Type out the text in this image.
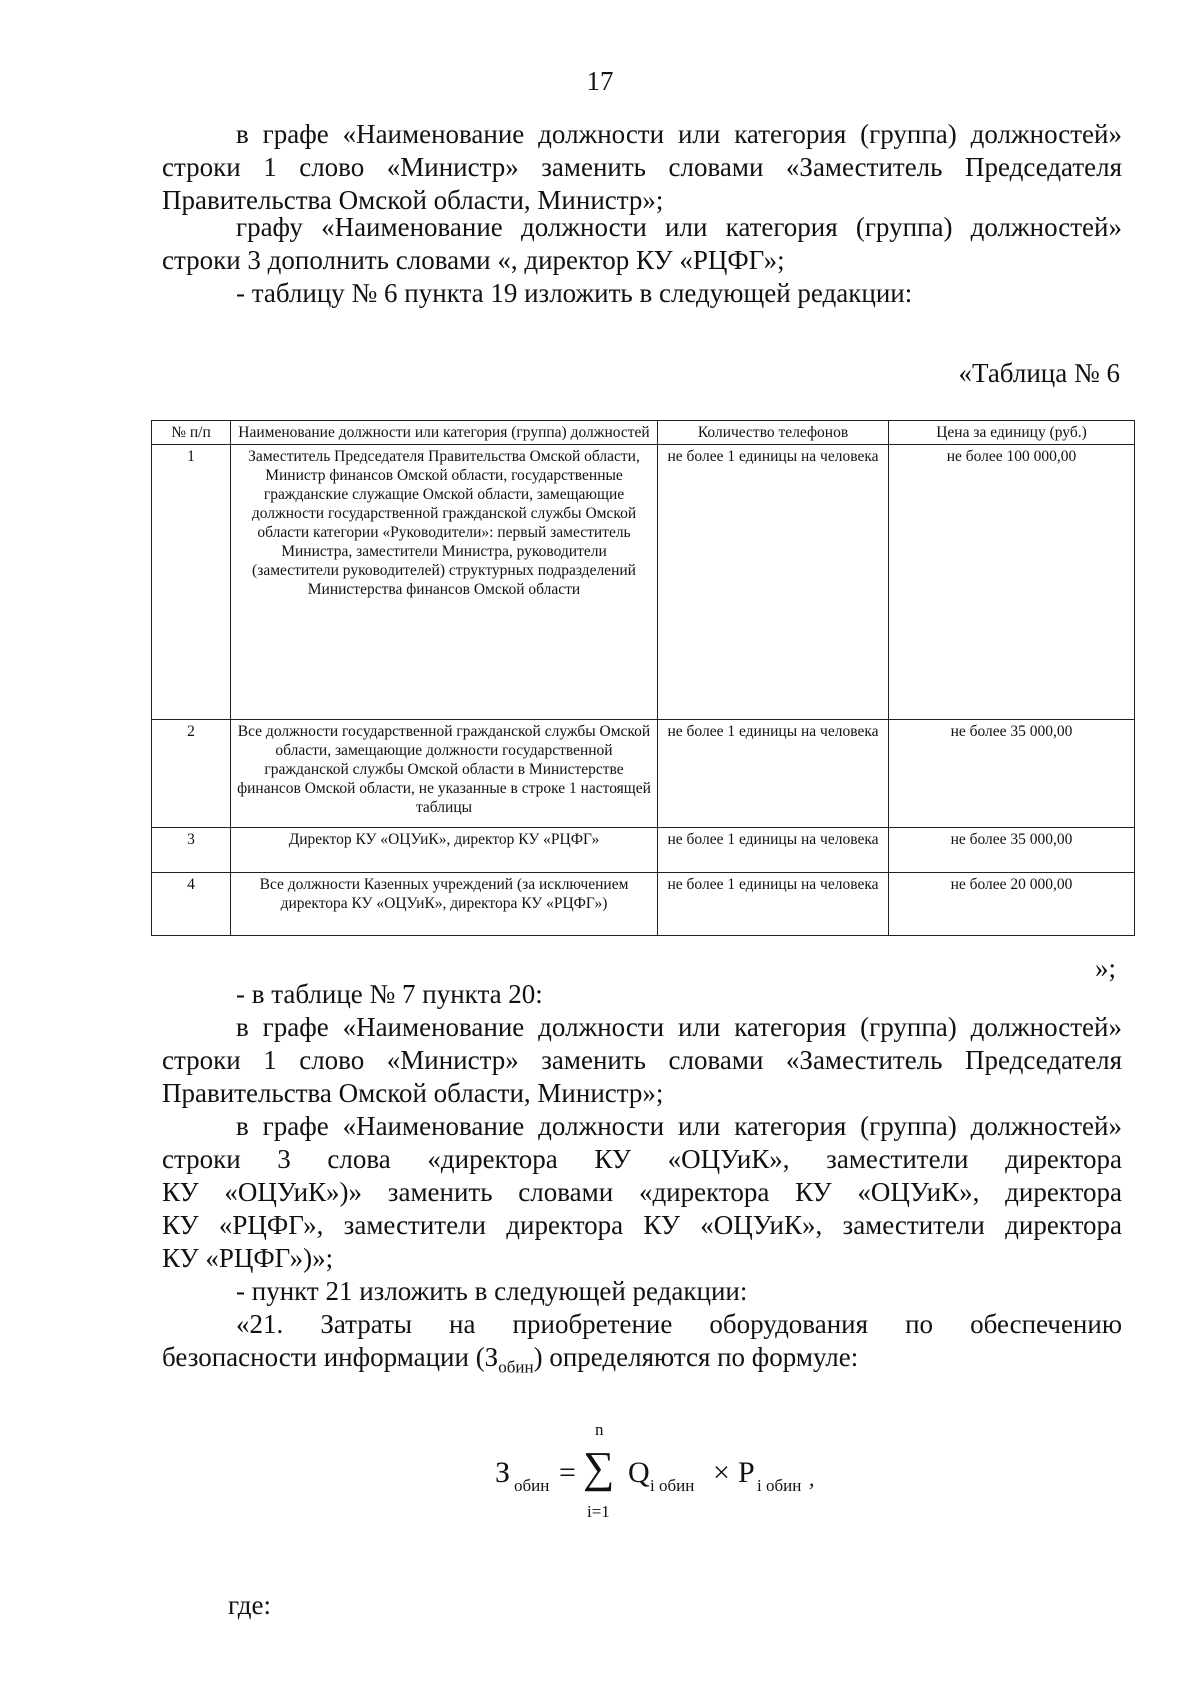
17

в графе «Наименование должности или категория (группа) должностей»
строки 1 слово «Министр» заменить словами «Заместитель Председателя
Правительства Омской области, Министр»;

графу «Наименование должности или категория (группа) должностей»
строки 3 дополнить словами «, директор КУ «РЦФГ»;

- таблицу № 6 пункта 19 изложить в следующей редакции:

«Таблица № 6
№ п/п	Наименование должности или категория (группа) должностей	Количество телефонов	Цена за единицу (руб.)
1	Заместитель Председателя Правительства Омской области, Министр финансов Омской области, государственные гражданские служащие Омской области, замещающие должности государственной гражданской службы Омской области категории «Руководители»: первый заместитель Министра, заместители Министра, руководители (заместители руководителей) структурных подразделений Министерства финансов Омской области	не более 1 единицы на человека	не более 100 000,00
2	Все должности государственной гражданской службы Омской области, замещающие должности государственной гражданской службы Омской области в Министерстве финансов Омской области, не указанные в строке 1 настоящей таблицы	не более 1 единицы на человека	не более 35 000,00
3	Директор КУ «ОЦУиК», директор КУ «РЦФГ»	не более 1 единицы на человека	не более 35 000,00
4	Все должности Казенных учреждений (за исключением директора КУ «ОЦУиК», директора КУ «РЦФГ»)	не более 1 единицы на человека	не более 20 000,00
»;

- в таблице № 7 пункта 20:

в графе «Наименование должности или категория (группа) должностей»
строки 1 слово «Министр» заменить словами «Заместитель Председателя
Правительства Омской области, Министр»;

в графе «Наименование должности или категория (группа) должностей»
строки 3 слова «директора КУ «ОЦУиК», заместители директора
КУ «ОЦУиК»)» заменить словами «директора КУ «ОЦУиК», директора
КУ «РЦФГ», заместители директора КУ «ОЦУиК», заместители директора
КУ «РЦФГ»)»;

- пункт 21 изложить в следующей редакции:

«21. Затраты на приобретение оборудования по обеспечению
безопасности информации $(З_{обин})$ определяются по формуле:

З обин =
n
∑
i=1
Q i обин × P i обин ,
где:
